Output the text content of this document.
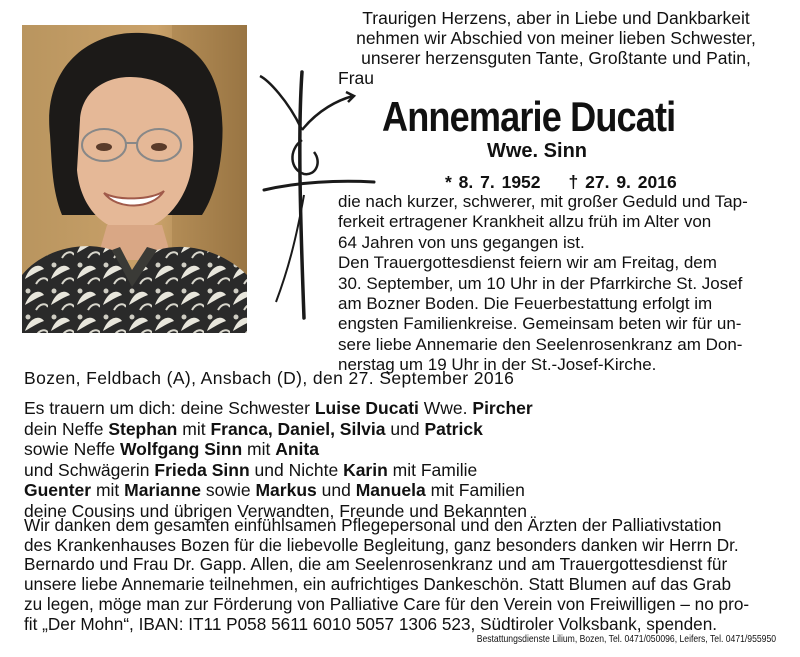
Traurigen Herzens, aber in Liebe und Dankbarkeit
nehmen wir Abschied von meiner lieben Schwester,
unserer herzensguten Tante, Großtante und Patin,
Frau
Annemarie Ducati
Wwe. Sinn
* 8. 7. 1952 † 27. 9. 2016
die nach kurzer, schwerer, mit großer Geduld und Tap-
ferkeit ertragener Krankheit allzu früh im Alter von
64 Jahren von uns gegangen ist.
Den Trauergottesdienst feiern wir am Freitag, dem
30. September, um 10 Uhr in der Pfarrkirche St. Josef
am Bozner Boden. Die Feuerbestattung erfolgt im
engsten Familienkreise. Gemeinsam beten wir für un-
sere liebe Annemarie den Seelenrosenkranz am Don-
nerstag um 19 Uhr in der St.-Josef-Kirche.
Bozen, Feldbach (A), Ansbach (D), den 27. September 2016
Es trauern um dich: deine Schwester Luise Ducati Wwe. Pircher
dein Neffe Stephan mit Franca, Daniel, Silvia und Patrick
sowie Neffe Wolfgang Sinn mit Anita
und Schwägerin Frieda Sinn und Nichte Karin mit Familie
Guenter mit Marianne sowie Markus und Manuela mit Familien
deine Cousins und übrigen Verwandten, Freunde und Bekannten
Wir danken dem gesamten einfühlsamen Pflegepersonal und den Ärzten der Palliativstation
des Krankenhauses Bozen für die liebevolle Begleitung, ganz besonders danken wir Herrn Dr.
Bernardo und Frau Dr. Gapp. Allen, die am Seelenrosenkranz und am Trauergottesdienst für
unsere liebe Annemarie teilnehmen, ein aufrichtiges Dankeschön. Statt Blumen auf das Grab
zu legen, möge man zur Förderung von Palliative Care für den Verein von Freiwilligen – no pro-
fit „Der Mohn“, IBAN: IT11 P058 5611 6010 5057 1306 523, Südtiroler Volksbank, spenden.
Bestattungsdienste Lilium, Bozen, Tel. 0471/050096, Leifers, Tel. 0471/955950
